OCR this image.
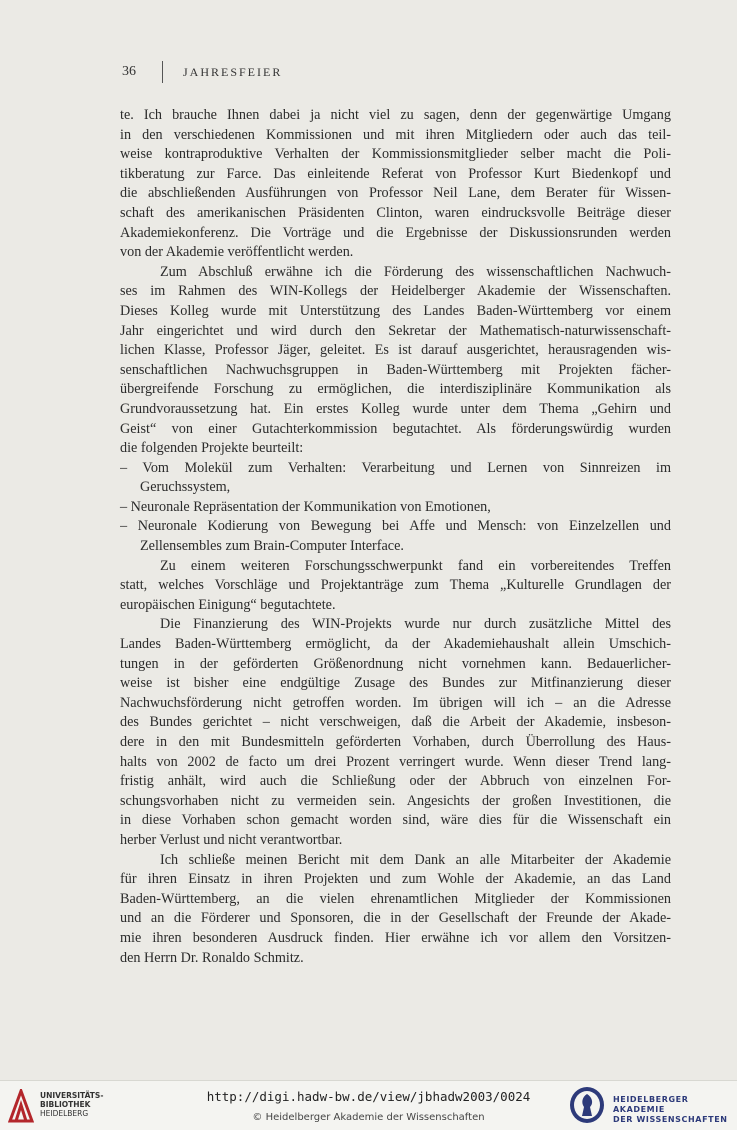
36	JAHRESFEIER
te. Ich brauche Ihnen dabei ja nicht viel zu sagen, denn der gegenwärtige Umgang
in den verschiedenen Kommissionen und mit ihren Mitgliedern oder auch das teil-
weise kontraproduktive Verhalten der Kommissionsmitglieder selber macht die Poli-
tikberatung zur Farce. Das einleitende Referat von Professor Kurt Biedenkopf und
die abschließenden Ausführungen von Professor Neil Lane, dem Berater für Wissen-
schaft des amerikanischen Präsidenten Clinton, waren eindrucksvolle Beiträge dieser
Akademiekonferenz. Die Vorträge und die Ergebnisse der Diskussionsrunden werden
von der Akademie veröffentlicht werden.
Zum Abschluß erwähne ich die Förderung des wissenschaftlichen Nachwuch-
ses im Rahmen des WIN-Kollegs der Heidelberger Akademie der Wissenschaften.
Dieses Kolleg wurde mit Unterstützung des Landes Baden-Württemberg vor einem
Jahr eingerichtet und wird durch den Sekretar der Mathematisch-naturwissenschaft-
lichen Klasse, Professor Jäger, geleitet. Es ist darauf ausgerichtet, herausragenden wis-
senschaftlichen Nachwuchsgruppen in Baden-Württemberg mit Projekten fächer-
übergreifende Forschung zu ermöglichen, die interdisziplinäre Kommunikation als
Grundvoraussetzung hat. Ein erstes Kolleg wurde unter dem Thema „Gehirn und
Geist“ von einer Gutachterkommission begutachtet. Als förderungswürdig wurden
die folgenden Projekte beurteilt:
– Vom Molekül zum Verhalten: Verarbeitung und Lernen von Sinnreizen im
Geruchssystem,
– Neuronale Repräsentation der Kommunikation von Emotionen,
– Neuronale Kodierung von Bewegung bei Affe und Mensch: von Einzelzellen und
Zellensembles zum Brain-Computer Interface.
Zu einem weiteren Forschungsschwerpunkt fand ein vorbereitendes Treffen
statt, welches Vorschläge und Projektanträge zum Thema „Kulturelle Grundlagen der
europäischen Einigung“ begutachtete.
Die Finanzierung des WIN-Projekts wurde nur durch zusätzliche Mittel des
Landes Baden-Württemberg ermöglicht, da der Akademiehaushalt allein Umschich-
tungen in der geförderten Größenordnung nicht vornehmen kann. Bedauerlicher-
weise ist bisher eine endgültige Zusage des Bundes zur Mitfinanzierung dieser
Nachwuchsförderung nicht getroffen worden. Im übrigen will ich – an die Adresse
des Bundes gerichtet – nicht verschweigen, daß die Arbeit der Akademie, insbeson-
dere in den mit Bundesmitteln geförderten Vorhaben, durch Überrollung des Haus-
halts von 2002 de facto um drei Prozent verringert wurde. Wenn dieser Trend lang-
fristig anhält, wird auch die Schließung oder der Abbruch von einzelnen For-
schungsvorhaben nicht zu vermeiden sein. Angesichts der großen Investitionen, die
in diese Vorhaben schon gemacht worden sind, wäre dies für die Wissenschaft ein
herber Verlust und nicht verantwortbar.
Ich schließe meinen Bericht mit dem Dank an alle Mitarbeiter der Akademie
für ihren Einsatz in ihren Projekten und zum Wohle der Akademie, an das Land
Baden-Württemberg, an die vielen ehrenamtlichen Mitglieder der Kommissionen
und an die Förderer und Sponsoren, die in der Gesellschaft der Freunde der Akade-
mie ihren besonderen Ausdruck finden. Hier erwähne ich vor allem den Vorsitzen-
den Herrn Dr. Ronaldo Schmitz.
UNIVERSITÄTS-
BIBLIOTHEK
HEIDELBERG
http://digi.hadw-bw.de/view/jbhadw2003/0024
© Heidelberger Akademie der Wissenschaften
HEIDELBERGER AKADEMIE
DER WISSENSCHAFTEN
